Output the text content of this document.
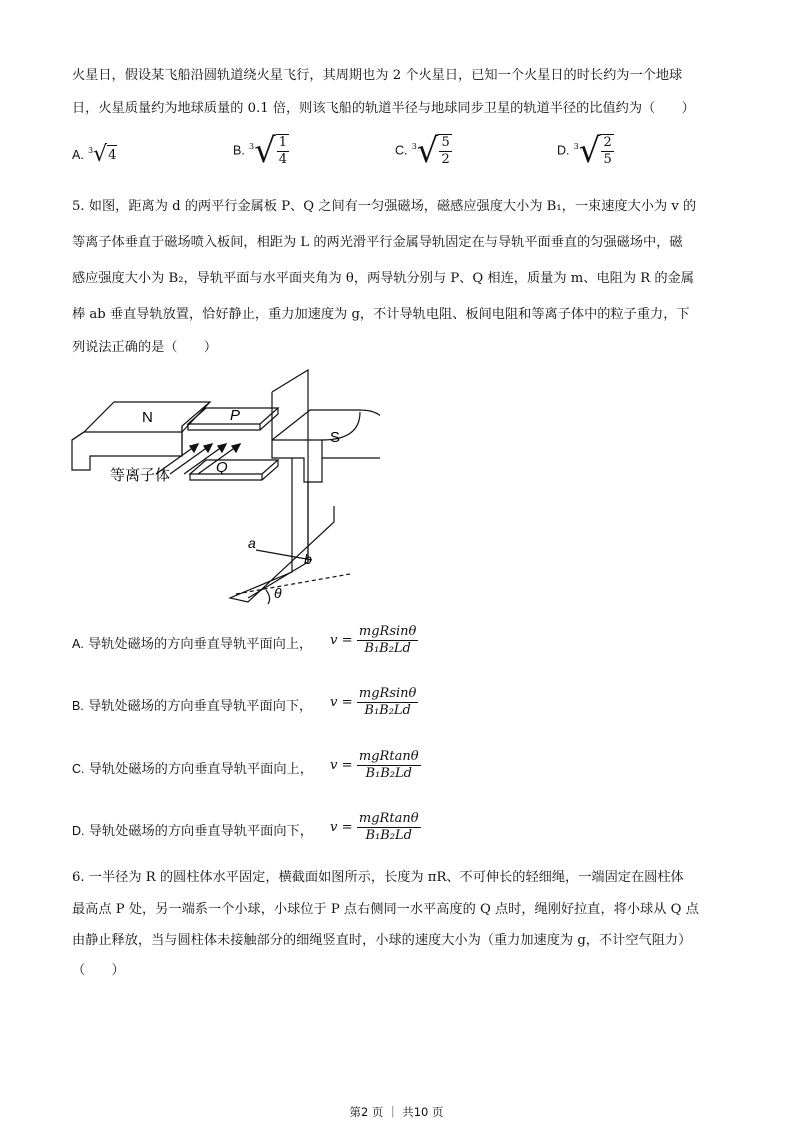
火星日，假设某飞船沿圆轨道绕火星飞行，其周期也为 2 个火星日，已知一个火星日的时长约为一个地球
日，火星质量约为地球质量的 0.1 倍，则该飞船的轨道半径与地球同步卫星的轨道半径的比值约为（　　）
A. $^3$√4	B. $^3√ \frac{1}{4}$	C. $^3√ \frac{5}{2}$	D. $^3√ \frac{2}{5}$
5. 如图，距离为 d 的两平行金属板 P、Q 之间有一匀强磁场，磁感应强度大小为 B₁，一束速度大小为 v 的
等离子体垂直于磁场喷入板间，相距为 L 的两光滑平行金属导轨固定在与导轨平面垂直的匀强磁场中，磁
感应强度大小为 B₂，导轨平面与水平面夹角为 θ，两导轨分别与 P、Q 相连，质量为 m、电阻为 R 的金属
棒 ab 垂直导轨放置，恰好静止，重力加速度为 g，不计导轨电阻、板间电阻和等离子体中的粒子重力，下
列说法正确的是（　　）
N
S
P
Q
等离子体
a
b
θ
A. 导轨处磁场的方向垂直导轨平面向上， $v = \frac{\text{mgRsinθ}}{\text{B₁B₂Ld}}$
B. 导轨处磁场的方向垂直导轨平面向下， $v = \frac{\text{mgRsinθ}}{\text{B₁B₂Ld}}$
C. 导轨处磁场的方向垂直导轨平面向上， $v = \frac{\text{mgRtanθ}}{\text{B₁B₂Ld}}$
D. 导轨处磁场的方向垂直导轨平面向下， $v = \frac{\text{mgRtanθ}}{\text{B₁B₂Ld}}$
6. 一半径为 R 的圆柱体水平固定，横截面如图所示，长度为 πR、不可伸长的轻细绳，一端固定在圆柱体
最高点 P 处，另一端系一个小球，小球位于 P 点右侧同一水平高度的 Q 点时，绳刚好拉直，将小球从 Q 点
由静止释放，当与圆柱体未接触部分的细绳竖直时，小球的速度大小为（重力加速度为 g，不计空气阻力）
（　　）
第2 页 ｜ 共10 页
